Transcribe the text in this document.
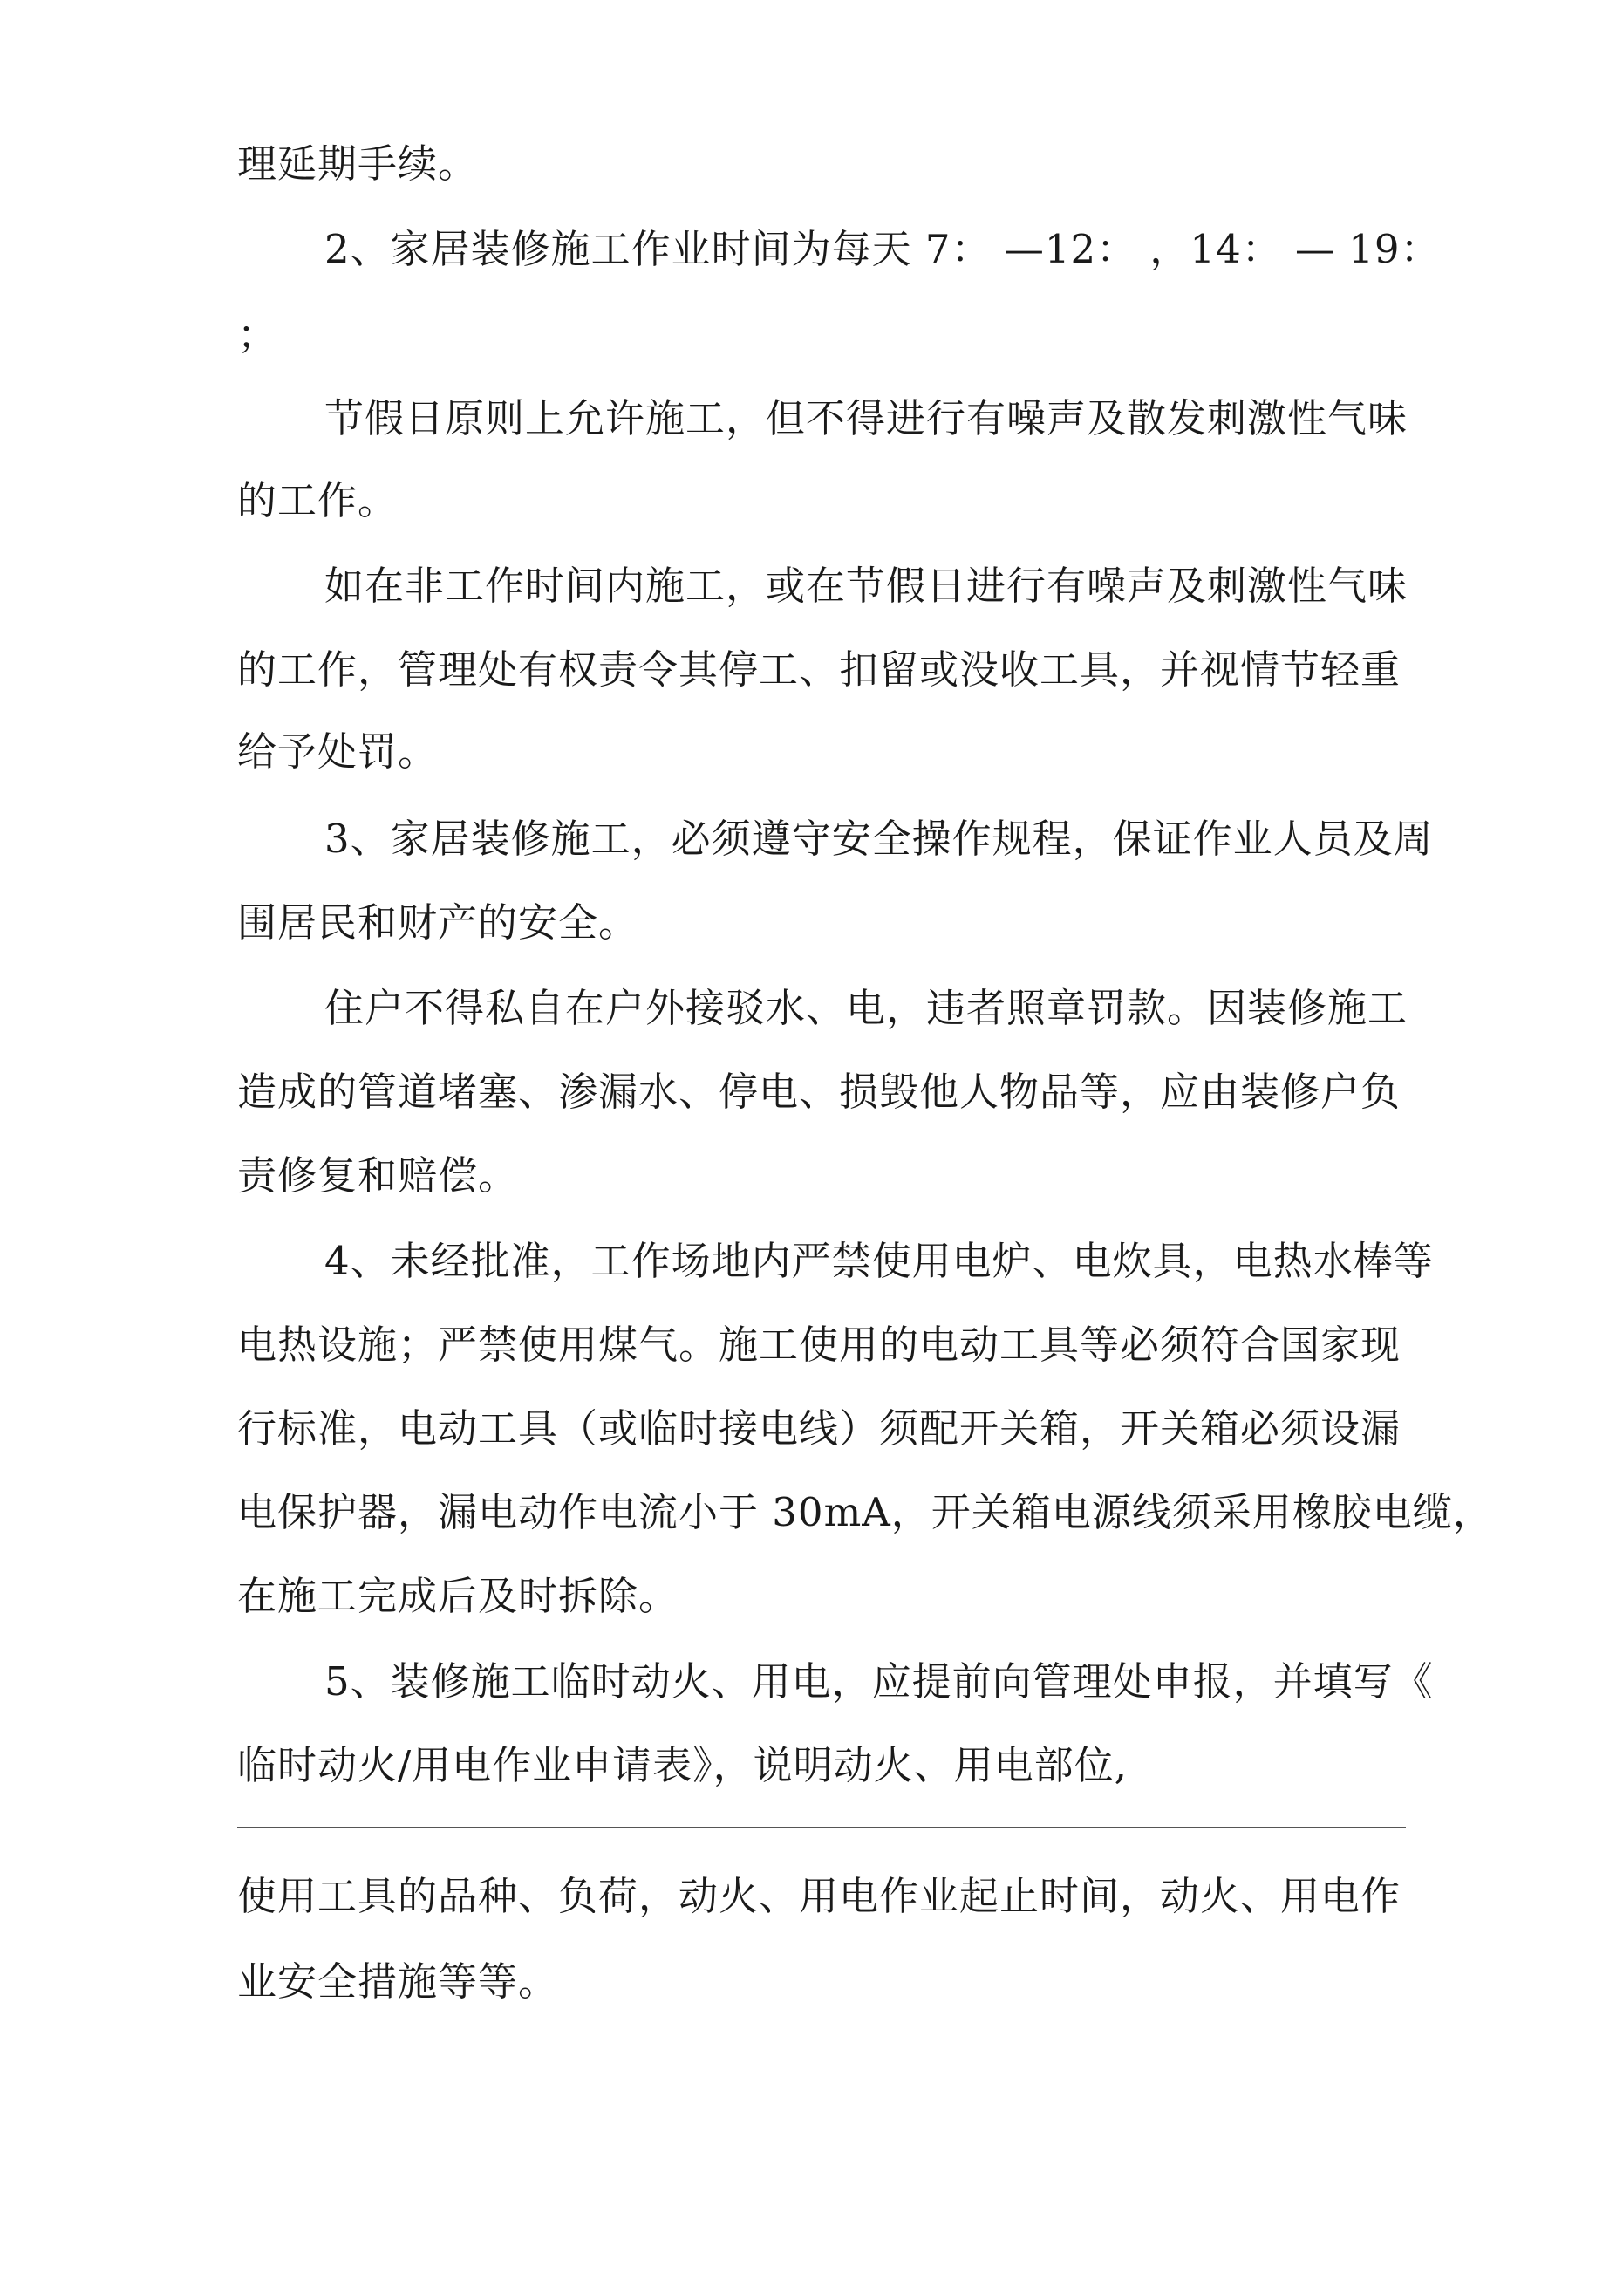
理延期手续。
2、家居装修施工作业时间为每天 7： —12： ，14： — 19：
；
节假日原则上允许施工，但不得进行有噪声及散发刺激性气味
的工作。
如在非工作时间内施工，或在节假日进行有噪声及刺激性气味
的工作，管理处有权责令其停工、扣留或没收工具，并视情节轻重
给予处罚。
3、家居装修施工，必须遵守安全操作规程，保证作业人员及周
围居民和财产的安全。
住户不得私自在户外接驳水、电，违者照章罚款。因装修施工
造成的管道堵塞、渗漏水、停电、损毁他人物品等，应由装修户负
责修复和赔偿。
4、未经批准，工作场地内严禁使用电炉、电炊具，电热水棒等
电热设施；严禁使用煤气。施工使用的电动工具等必须符合国家现
行标准，电动工具（或临时接电线）须配开关箱，开关箱必须设漏
电保护器，漏电动作电流小于 30mA，开关箱电源线须采用橡胶电缆，
在施工完成后及时拆除。
5、装修施工临时动火、用电，应提前向管理处申报，并填写《
临时动火/用电作业申请表》，说明动火、用电部位,
使用工具的品种、负荷，动火、用电作业起止时间，动火、用电作
业安全措施等等。
